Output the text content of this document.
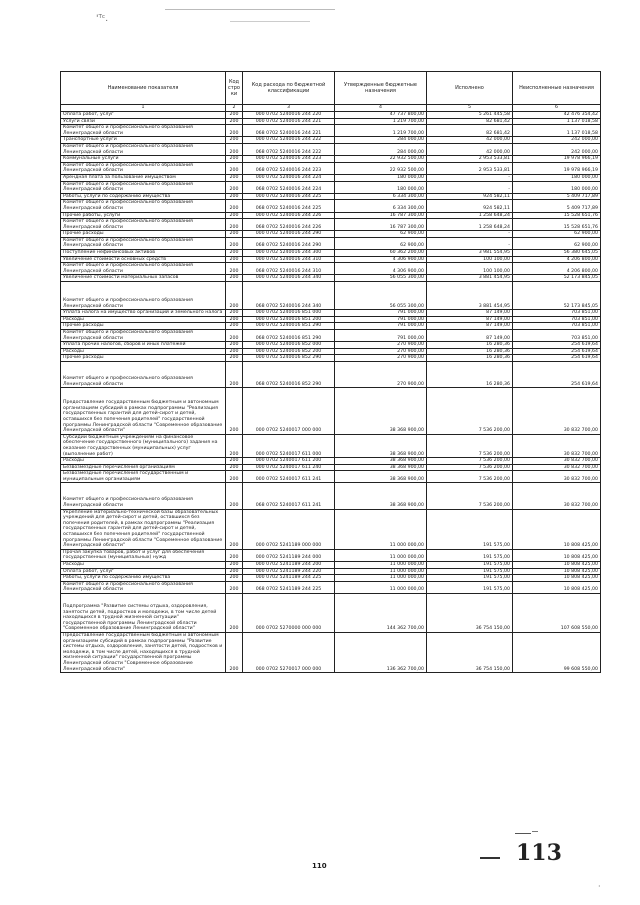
'ᵀᶜ.
Наименование показателя	Код стро ки	Код расхода по бюджетной классификации	Утвержденные бюджетные назначения	Исполнено	Неисполненные назначения
1	2	3	4	5	6
Оплата работ, услуг	200	000 0702 5240016 244 220	47 737 800,00	5 261 445,58	42 476 354,42
Услуги связи	200	000 0702 5240016 244 221	1 219 700,00	82 681,42	1 137 018,58
Комитет общего и профессионального образования Ленинградской области	200	068 0702 5240016 244 221	1 219 700,00	82 681,42	1 137 018,58
Транспортные услуги	200	000 0702 5240016 244 222	284 000,00	42 000,00	242 000,00
Комитет общего и профессионального образования Ленинградской области	200	068 0702 5240016 244 222	284 000,00	42 000,00	242 000,00
Коммунальные услуги	200	000 0702 5240016 244 223	22 932 500,00	2 953 533,81	19 978 966,19
Комитет общего и профессионального образования Ленинградской области	200	068 0702 5240016 244 223	22 932 500,00	2 953 533,81	19 978 966,19
Арендная плата за пользование имуществом	200	000 0702 5240016 244 224	180 000,00	-	180 000,00
Комитет общего и профессионального образования Ленинградской области	200	068 0702 5240016 244 224	180 000,00	-	180 000,00
Работы, услуги по содержанию имущества	200	000 0702 5240016 244 225	6 334 300,00	924 582,11	5 409 717,89
Комитет общего и профессионального образования Ленинградской области	200	068 0702 5240016 244 225	6 334 300,00	924 582,11	5 409 717,89
Прочие работы, услуги	200	000 0702 5240016 244 226	16 787 300,00	1 258 648,24	15 528 651,76
Комитет общего и профессионального образования Ленинградской области	200	068 0702 5240016 244 226	16 787 300,00	1 258 648,24	15 528 651,76
Прочие расходы	200	000 0702 5240016 244 290	62 900,00	-	62 900,00
Комитет общего и профессионального образования Ленинградской области	200	068 0702 5240016 244 290	62 900,00	-	62 900,00
Поступление нефинансовых активов	200	000 0702 5240016 244 300	60 362 200,00	3 981 554,95	56 380 645,05
Увеличение стоимости основных средств	200	000 0702 5240016 244 310	4 306 900,00	100 100,00	4 206 800,00
Комитет общего и профессионального образования Ленинградской области	200	068 0702 5240016 244 310	4 306 900,00	100 100,00	4 206 800,00
Увеличение стоимости материальных запасов	200	000 0702 5240016 244 340	56 055 300,00	3 881 454,95	52 173 845,05
Комитет общего и профессионального образования Ленинградской области	200	068 0702 5240016 244 340	56 055 300,00	3 881 454,95	52 173 845,05
Уплата налога на имущество организаций и земельного налога	200	000 0702 5240016 851 000	791 000,00	87 149,00	703 851,00
Расходы	200	000 0702 5240016 851 200	791 000,00	87 149,00	703 851,00
Прочие расходы	200	000 0702 5240016 851 290	791 000,00	87 149,00	703 851,00
Комитет общего и профессионального образования Ленинградской области	200	068 0702 5240016 851 290	791 000,00	87 149,00	703 851,00
Уплата прочих налогов, сборов и иных платежей	200	000 0702 5240016 852 000	270 900,00	16 280,36	254 619,64
Расходы	200	000 0702 5240016 852 200	270 900,00	16 280,36	254 619,64
Прочие расходы	200	000 0702 5240016 852 290	270 900,00	16 280,36	254 619,64
Комитет общего и профессионального образования Ленинградской области	200	068 0702 5240016 852 290	270 900,00	16 280,36	254 619,64
Предоставление государственным бюджетным и автономным организациям субсидий в рамках подпрограммы "Реализация государственных гарантий для детей-сирот и детей, оставшихся без попечения родителей" государственной программы Ленинградской области "Современное образование Ленинградской области"	200	000 0702 5240017 000 000	38 368 900,00	7 536 200,00	30 832 700,00
Субсидии бюджетным учреждениям на финансовое обеспечение государственного (муниципального) задания на оказание государственных (муниципальных) услуг (выполнение работ)	200	000 0702 5240017 611 000	38 368 900,00	7 536 200,00	30 832 700,00
Расходы	200	000 0702 5240017 611 200	38 368 900,00	7 536 200,00	30 832 700,00
Безвозмездные перечисления организациям	200	000 0702 5240017 611 240	38 368 900,00	7 536 200,00	30 832 700,00
Безвозмездные перечисления государственным и муниципальным организациям	200	000 0702 5240017 611 241	38 368 900,00	7 536 200,00	30 832 700,00
Комитет общего и профессионального образования Ленинградской области	200	068 0702 5240017 611 241	38 368 900,00	7 536 200,00	30 832 700,00
Укрепление материально-технической базы образовательных учреждений для детей-сирот и детей, оставшихся без попечения родителей, в рамках подпрограммы "Реализация государственных гарантий для детей-сирот и детей, оставшихся без попечения родителей" государственной программы Ленинградской области "Современное образование Ленинградской области"	200	000 0702 5241189 000 000	11 000 000,00	191 575,00	10 808 425,00
Прочая закупка товаров, работ и услуг для обеспечения государственных (муниципальных) нужд	200	000 0702 5241189 244 000	11 000 000,00	191 575,00	10 808 425,00
Расходы	200	000 0702 5241189 244 200	11 000 000,00	191 575,00	10 808 425,00
Оплата работ, услуг	200	000 0702 5241189 244 220	11 000 000,00	191 575,00	10 808 425,00
Работы, услуги по содержанию имущества	200	000 0702 5241189 244 225	11 000 000,00	191 575,00	10 808 425,00
Комитет общего и профессионального образования Ленинградской области	200	068 0702 5241189 244 225	11 000 000,00	191 575,00	10 808 425,00
Подпрограмма "Развитие системы отдыха, оздоровления, занятости детей, подростков и молодежи, в том числе детей находящихся в трудной жизненной ситуации" государственной программы Ленинградской области "Современное образование Ленинградской области"	200	000 0702 5270000 000 000	144 362 700,00	36 754 150,00	107 608 550,00
Предоставление государственным бюджетным и автономным организациям субсидий в рамках подпрограммы "Развитие системы отдыха, оздоровления, занятости детей, подростков и молодежи, в том числе детей, находящихся в трудной жизненной ситуации" государственной программы Ленинградской области "Современное образование Ленинградской области"	200	000 0702 5270017 000 000	136 362 700,00	36 754 150,00	99 608 550,00
110	113
·
